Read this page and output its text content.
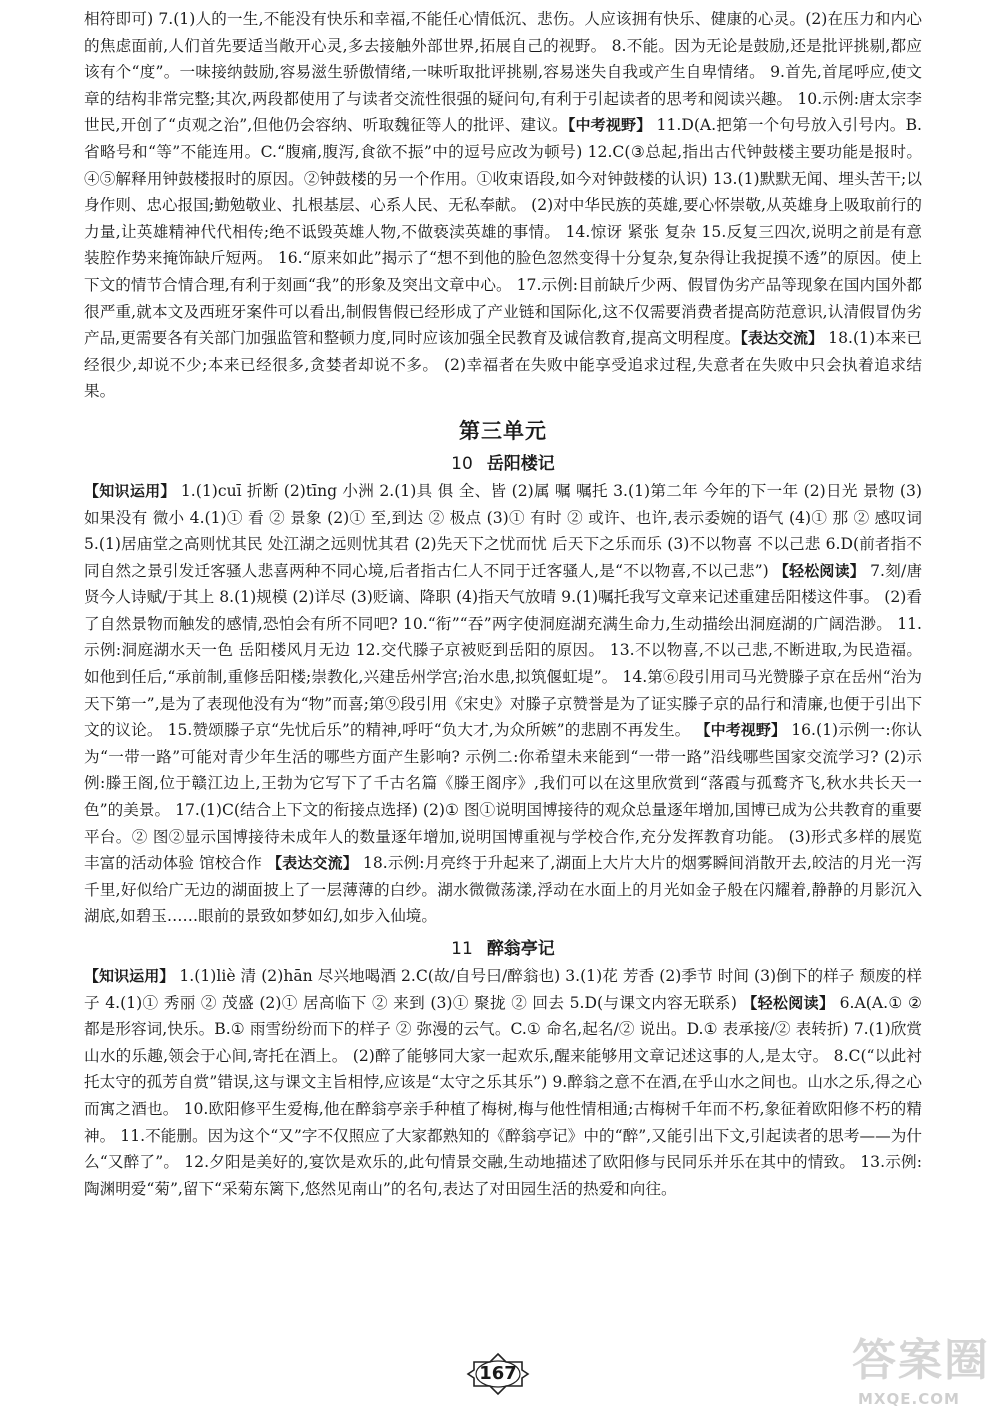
相符即可) 7.(1)人的一生,不能没有快乐和幸福,不能任心情低沉、悲伤。人应该拥有快乐、健康的心灵。(2)在压力和内心的焦虑面前,人们首先要适当敞开心灵,多去接触外部世界,拓展自己的视野。 8.不能。因为无论是鼓励,还是批评挑剔,都应该有个“度”。一味接纳鼓励,容易滋生骄傲情绪,一味听取批评挑剔,容易迷失自我或产生自卑情绪。 9.首先,首尾呼应,使文章的结构非常完整;其次,两段都使用了与读者交流性很强的疑问句,有利于引起读者的思考和阅读兴趣。 10.示例:唐太宗李世民,开创了“贞观之治”,但他仍会容纳、听取魏征等人的批评、建议。【中考视野】 11.D(A.把第一个句号放入引号内。B.省略号和“等”不能连用。C.“腹痛,腹泻,食欲不振”中的逗号应改为顿号) 12.C(③总起,指出古代钟鼓楼主要功能是报时。④⑤解释用钟鼓楼报时的原因。②钟鼓楼的另一个作用。①收束语段,如今对钟鼓楼的认识) 13.(1)默默无闻、埋头苦干;以身作则、忠心报国;勤勉敬业、扎根基层、心系人民、无私奉献。 (2)对中华民族的英雄,要心怀崇敬,从英雄身上吸取前行的力量,让英雄精神代代相传;绝不诋毁英雄人物,不做亵渎英雄的事情。 14.惊讶 紧张 复杂 15.反复三四次,说明之前是有意装腔作势来掩饰缺斤短两。 16.“原来如此”揭示了“想不到他的脸色忽然变得十分复杂,复杂得让我捉摸不透”的原因。使上下文的情节合情合理,有利于刻画“我”的形象及突出文章中心。 17.示例:目前缺斤少两、假冒伪劣产品等现象在国内国外都很严重,就本文及西班牙案件可以看出,制假售假已经形成了产业链和国际化,这不仅需要消费者提高防范意识,认清假冒伪劣产品,更需要各有关部门加强监管和整顿力度,同时应该加强全民教育及诚信教育,提高文明程度。【表达交流】 18.(1)本来已经很少,却说不少;本来已经很多,贪婪者却说不多。 (2)幸福者在失败中能享受追求过程,失意者在失败中只会执着追求结果。

第三单元
10 岳阳楼记

【知识运用】 1.(1)cuī 折断 (2)tīng 小洲 2.(1)具 俱 全、皆 (2)属 嘱 嘱托 3.(1)第二年 今年的下一年 (2)日光 景物 (3)如果没有 微小 4.(1)① 看 ② 景象 (2)① 至,到达 ② 极点 (3)① 有时 ② 或许、也许,表示委婉的语气 (4)① 那 ② 感叹词 5.(1)居庙堂之高则忧其民 处江湖之远则忧其君 (2)先天下之忧而忧 后天下之乐而乐 (3)不以物喜 不以己悲 6.D(前者指不同自然之景引发迁客骚人悲喜两种不同心境,后者指古仁人不同于迁客骚人,是“不以物喜,不以己悲”) 【轻松阅读】 7.刻/唐贤今人诗赋/于其上 8.(1)规模 (2)详尽 (3)贬谪、降职 (4)指天气放晴 9.(1)嘱托我写文章来记述重建岳阳楼这件事。 (2)看了自然景物而触发的感情,恐怕会有所不同吧? 10.“衔”“吞”两字使洞庭湖充满生命力,生动描绘出洞庭湖的广阔浩渺。 11.示例:洞庭湖水天一色 岳阳楼风月无边 12.交代滕子京被贬到岳阳的原因。 13.不以物喜,不以己悲,不断进取,为民造福。 如他到任后,“承前制,重修岳阳楼;崇教化,兴建岳州学宫;治水患,拟筑偃虹堤”。 14.第⑥段引用司马光赞滕子京在岳州“治为天下第一”,是为了表现他没有为“物”而喜;第⑨段引用《宋史》对滕子京赞誉是为了证实滕子京的品行和清廉,也便于引出下文的议论。 15.赞颂滕子京“先忧后乐”的精神,呼吁“负大才,为众所嫉”的悲剧不再发生。 【中考视野】 16.(1)示例一:你认为“一带一路”可能对青少年生活的哪些方面产生影响? 示例二:你希望未来能到“一带一路”沿线哪些国家交流学习? (2)示例:滕王阁,位于赣江边上,王勃为它写下了千古名篇《滕王阁序》,我们可以在这里欣赏到“落霞与孤鹜齐飞,秋水共长天一色”的美景。 17.(1)C(结合上下文的衔接点选择) (2)① 图①说明国博接待的观众总量逐年增加,国博已成为公共教育的重要平台。② 图②显示国博接待未成年人的数量逐年增加,说明国博重视与学校合作,充分发挥教育功能。 (3)形式多样的展览 丰富的活动体验 馆校合作 【表达交流】 18.示例:月亮终于升起来了,湖面上大片大片的烟雾瞬间消散开去,皎洁的月光一泻千里,好似给广无边的湖面披上了一层薄薄的白纱。湖水微微荡漾,浮动在水面上的月光如金子般在闪耀着,静静的月影沉入湖底,如碧玉……眼前的景致如梦如幻,如步入仙境。

11 醉翁亭记

【知识运用】 1.(1)liè 清 (2)hān 尽兴地喝酒 2.C(故/自号曰/醉翁也) 3.(1)花 芳香 (2)季节 时间 (3)倒下的样子 颓废的样子 4.(1)① 秀丽 ② 茂盛 (2)① 居高临下 ② 来到 (3)① 聚拢 ② 回去 5.D(与课文内容无联系) 【轻松阅读】 6.A(A.① ② 都是形容词,快乐。B.① 雨雪纷纷而下的样子 ② 弥漫的云气。C.① 命名,起名/② 说出。D.① 表承接/② 表转折) 7.(1)欣赏山水的乐趣,领会于心间,寄托在酒上。 (2)醉了能够同大家一起欢乐,醒来能够用文章记述这事的人,是太守。 8.C(“以此衬托太守的孤芳自赏”错误,这与课文主旨相悖,应该是“太守之乐其乐”) 9.醉翁之意不在酒,在乎山水之间也。山水之乐,得之心而寓之酒也。 10.欧阳修平生爱梅,他在醉翁亭亲手种植了梅树,梅与他性情相通;古梅树千年而不朽,象征着欧阳修不朽的精神。 11.不能删。因为这个“又”字不仅照应了大家都熟知的《醉翁亭记》中的“醉”,又能引出下文,引起读者的思考——为什么“又醉了”。 12.夕阳是美好的,宴饮是欢乐的,此句情景交融,生动地描述了欧阳修与民同乐并乐在其中的情致。 13.示例:陶渊明爱“菊”,留下“采菊东篱下,悠然见南山”的名句,表达了对田园生活的热爱和向往。

167	答案圈
MXQE.COM
